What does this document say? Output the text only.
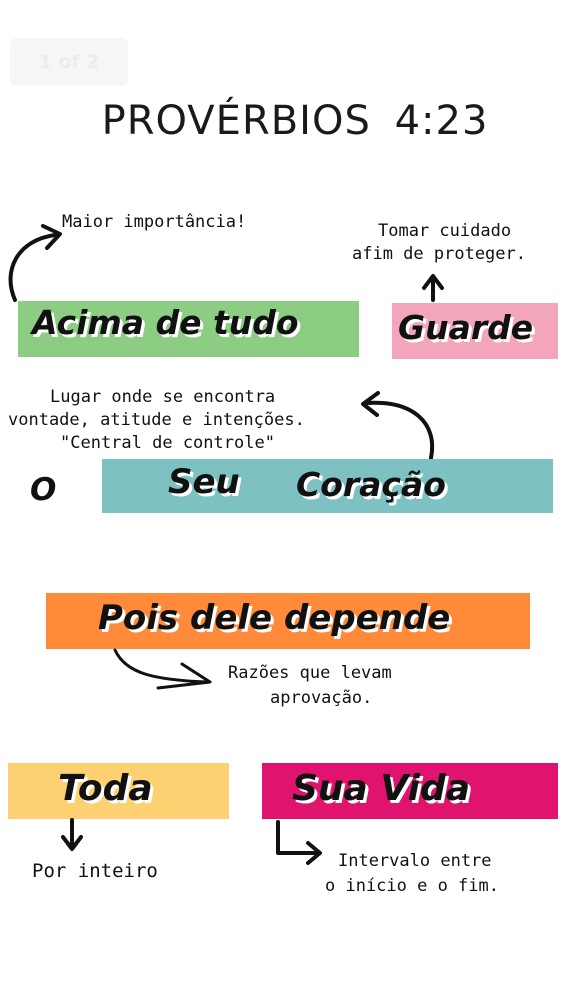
1 of 2
PROVÉRBIOS 4:23
Maior importância!
Acima de tudo
Tomar cuidado
afim de proteger.
Guarde
Lugar onde se encontra
vontade, atitude e intenções.
"Central de controle"
O	Seu Coração
Pois dele depende
Razões que levam
aprovação.
Toda
Por inteiro
Sua Vida
Intervalo entre
o início e o fim.
